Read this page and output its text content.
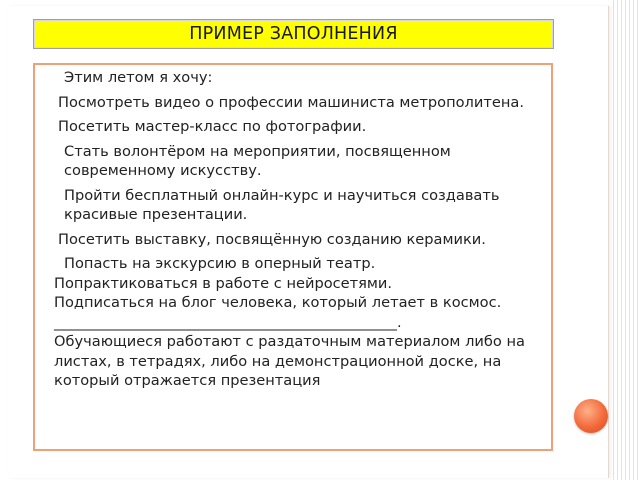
ПРИМЕР ЗАПОЛНЕНИЯ

Этим летом я хочу:

Посмотреть видео о профессии машиниста метрополитена.

Посетить мастер-класс по фотографии.

Стать волонтёром на мероприятии, посвященном современному искусству.

Пройти бесплатный онлайн-курс и научиться создавать красивые презентации.

Посетить выставку, посвящённую созданию керамики.

Попасть на экскурсию в оперный театр.

Попрактиковаться в работе с нейросетями.

Подписаться на блог человека, который летает в космос. _______________________________________________.

Обучающиеся работают с раздаточным материалом либо на листах, в тетрадях, либо на демонстрационной доске, на который отражается презентация
